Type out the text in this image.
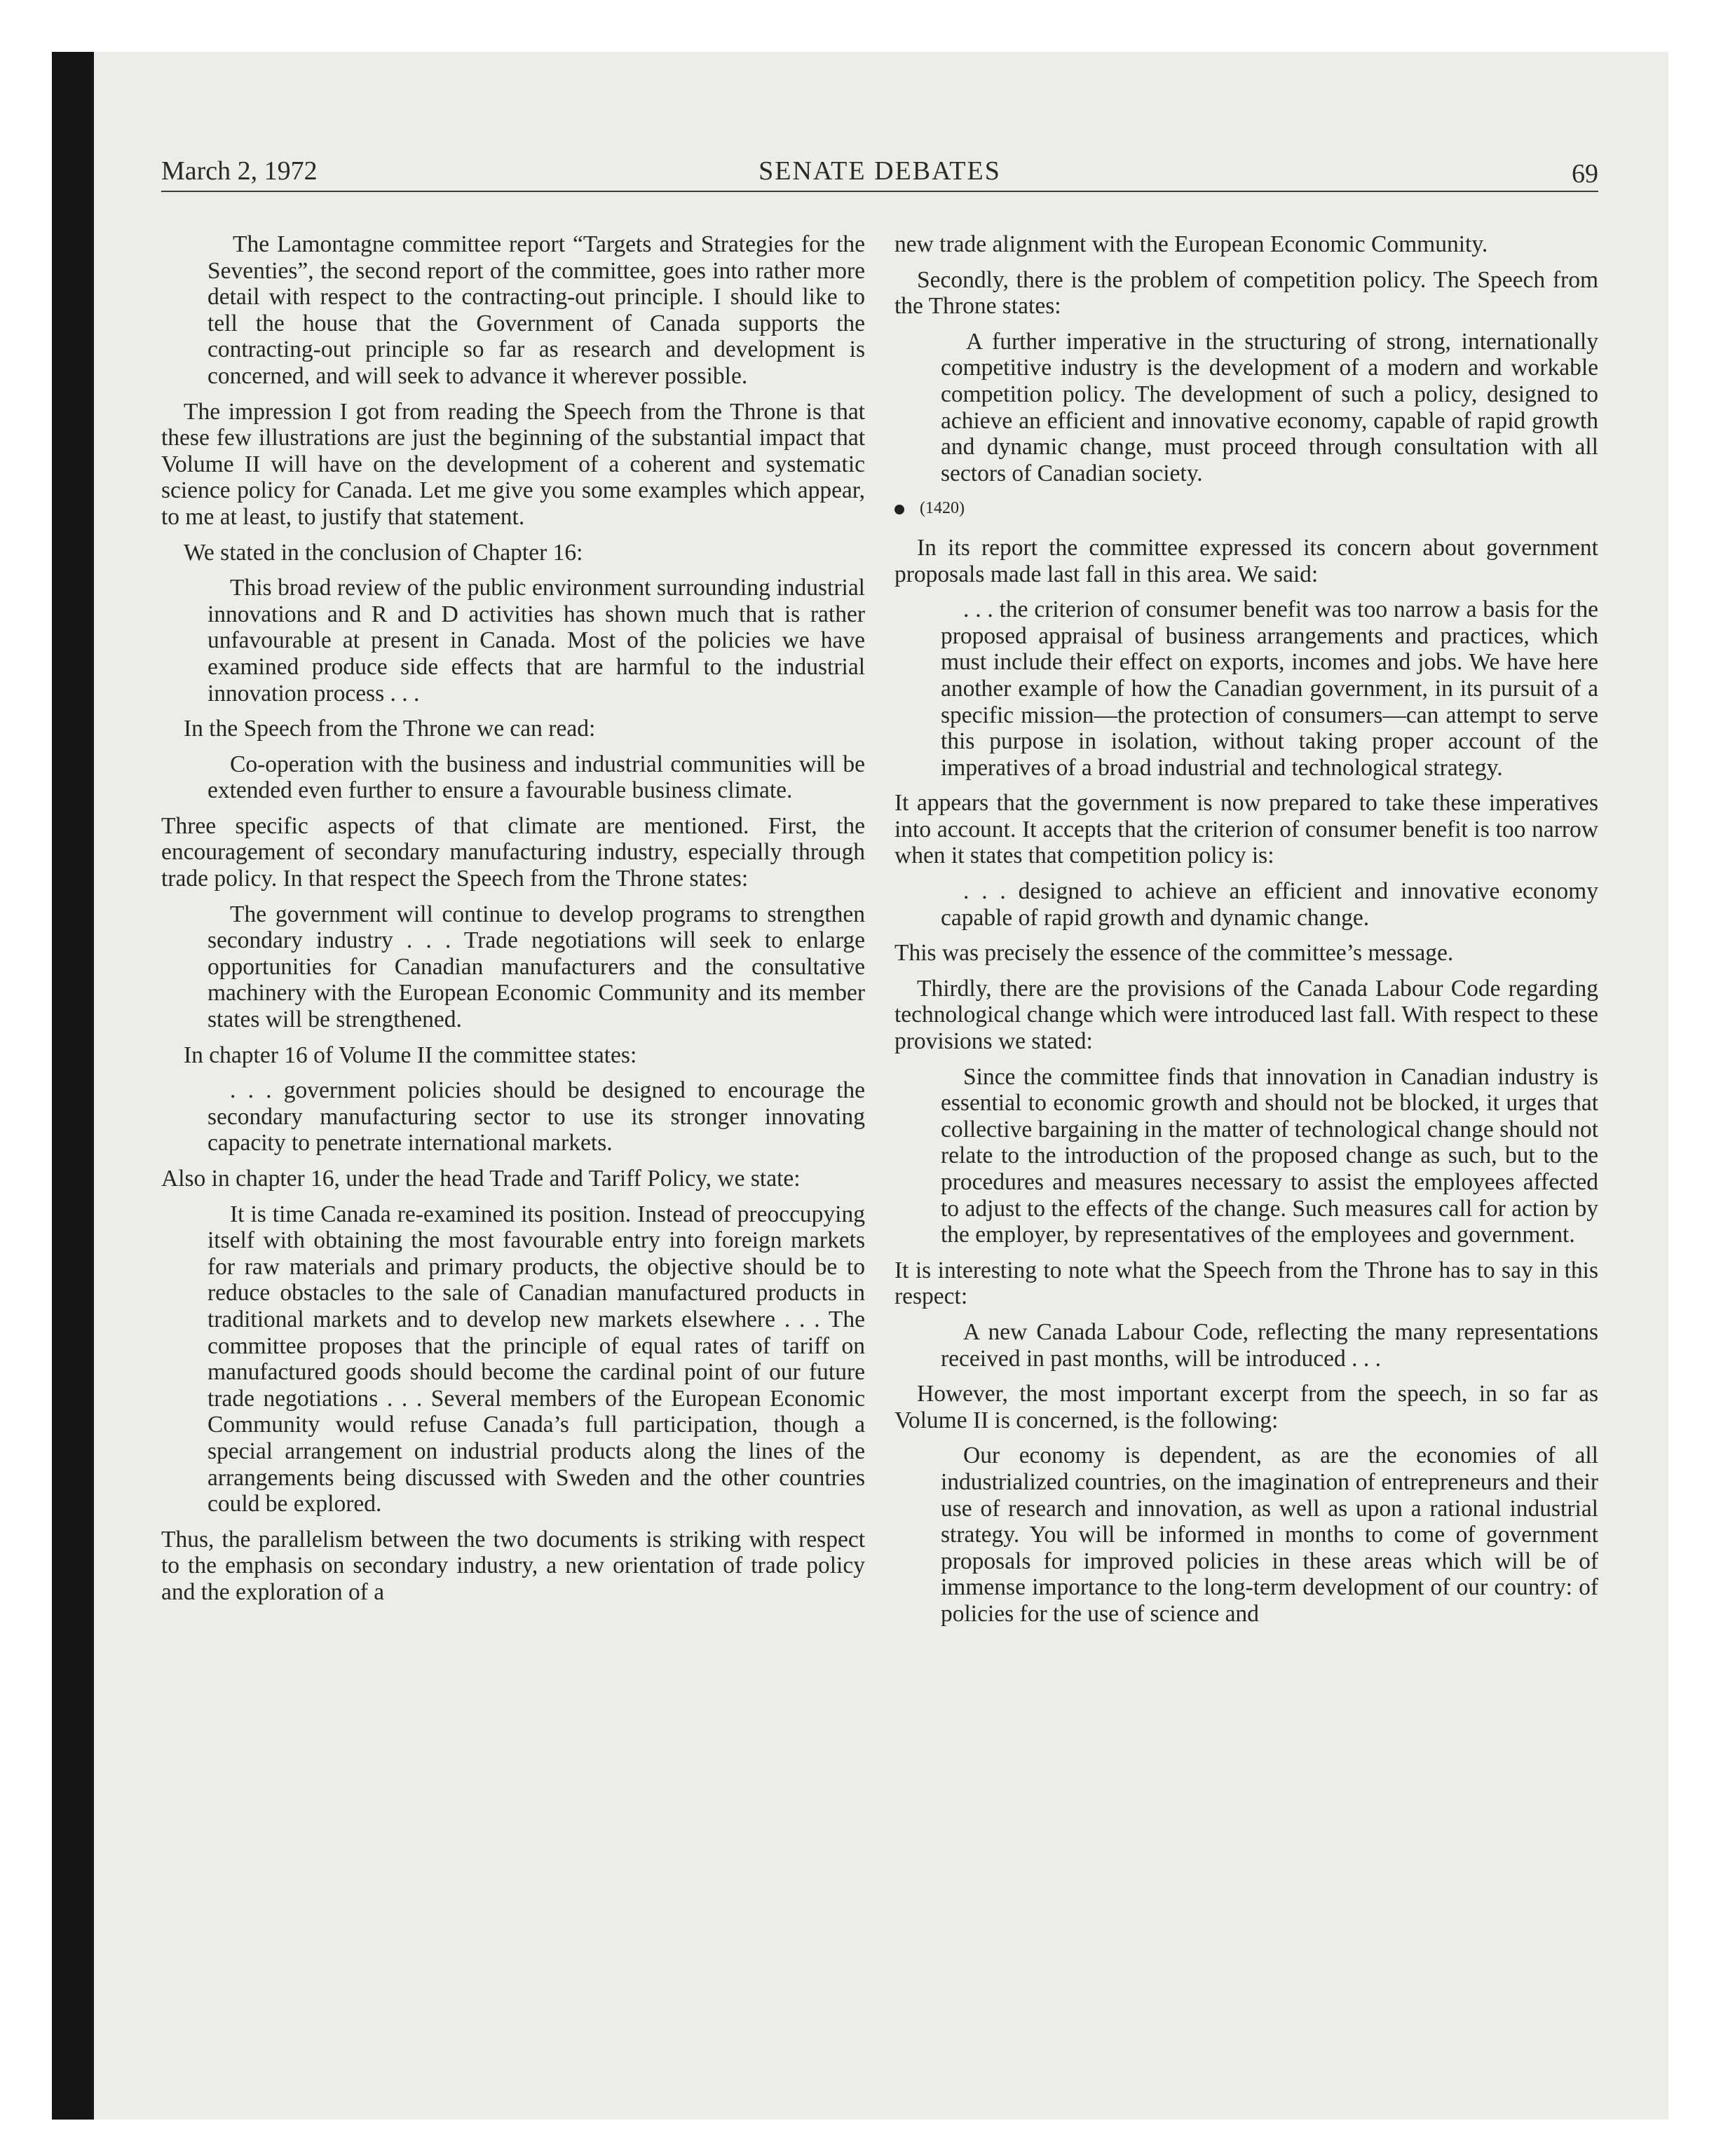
March 2, 1972	SENATE DEBATES	69

The Lamontagne committee report “Targets and Strategies for the Seventies”, the second report of the committee, goes into rather more detail with respect to the contracting-out principle. I should like to tell the house that the Government of Canada supports the contracting-out principle so far as research and development is concerned, and will seek to advance it wherever possible.

The impression I got from reading the Speech from the Throne is that these few illustrations are just the beginning of the substantial impact that Volume II will have on the development of a coherent and systematic science policy for Canada. Let me give you some examples which appear, to me at least, to justify that statement.

We stated in the conclusion of Chapter 16:

This broad review of the public environment surrounding industrial innovations and R and D activities has shown much that is rather unfavourable at present in Canada. Most of the policies we have examined produce side effects that are harmful to the industrial innovation process . . .

In the Speech from the Throne we can read:

Co-operation with the business and industrial communities will be extended even further to ensure a favourable business climate.

Three specific aspects of that climate are mentioned. First, the encouragement of secondary manufacturing industry, especially through trade policy. In that respect the Speech from the Throne states:

The government will continue to develop programs to strengthen secondary industry . . . Trade negotiations will seek to enlarge opportunities for Canadian manufacturers and the consultative machinery with the European Economic Community and its member states will be strengthened.

In chapter 16 of Volume II the committee states:

. . . government policies should be designed to encourage the secondary manufacturing sector to use its stronger innovating capacity to penetrate international markets.

Also in chapter 16, under the head Trade and Tariff Policy, we state:

It is time Canada re-examined its position. Instead of preoccupying itself with obtaining the most favourable entry into foreign markets for raw materials and primary products, the objective should be to reduce obstacles to the sale of Canadian manufactured products in traditional markets and to develop new markets elsewhere . . . The committee proposes that the principle of equal rates of tariff on manufactured goods should become the cardinal point of our future trade negotiations . . . Several members of the European Economic Community would refuse Canada’s full participation, though a special arrangement on industrial products along the lines of the arrangements being discussed with Sweden and the other countries could be explored.

Thus, the parallelism between the two documents is striking with respect to the emphasis on secondary industry, a new orientation of trade policy and the exploration of a

new trade alignment with the European Economic Community.

Secondly, there is the problem of competition policy. The Speech from the Throne states:

A further imperative in the structuring of strong, internationally competitive industry is the development of a modern and workable competition policy. The development of such a policy, designed to achieve an efficient and innovative economy, capable of rapid growth and dynamic change, must proceed through consultation with all sectors of Canadian society.

(1420)

In its report the committee expressed its concern about government proposals made last fall in this area. We said:

. . . the criterion of consumer benefit was too narrow a basis for the proposed appraisal of business arrangements and practices, which must include their effect on exports, incomes and jobs. We have here another example of how the Canadian government, in its pursuit of a specific mission—the protection of consumers—can attempt to serve this purpose in isolation, without taking proper account of the imperatives of a broad industrial and technological strategy.

It appears that the government is now prepared to take these imperatives into account. It accepts that the criterion of consumer benefit is too narrow when it states that competition policy is:

. . . designed to achieve an efficient and innovative economy capable of rapid growth and dynamic change.

This was precisely the essence of the committee’s message.

Thirdly, there are the provisions of the Canada Labour Code regarding technological change which were introduced last fall. With respect to these provisions we stated:

Since the committee finds that innovation in Canadian industry is essential to economic growth and should not be blocked, it urges that collective bargaining in the matter of technological change should not relate to the introduction of the proposed change as such, but to the procedures and measures necessary to assist the employees affected to adjust to the effects of the change. Such measures call for action by the employer, by representatives of the employees and government.

It is interesting to note what the Speech from the Throne has to say in this respect:

A new Canada Labour Code, reflecting the many representations received in past months, will be introduced . . .

However, the most important excerpt from the speech, in so far as Volume II is concerned, is the following:

Our economy is dependent, as are the economies of all industrialized countries, on the imagination of entrepreneurs and their use of research and innovation, as well as upon a rational industrial strategy. You will be informed in months to come of government proposals for improved policies in these areas which will be of immense importance to the long-term development of our country: of policies for the use of science and
